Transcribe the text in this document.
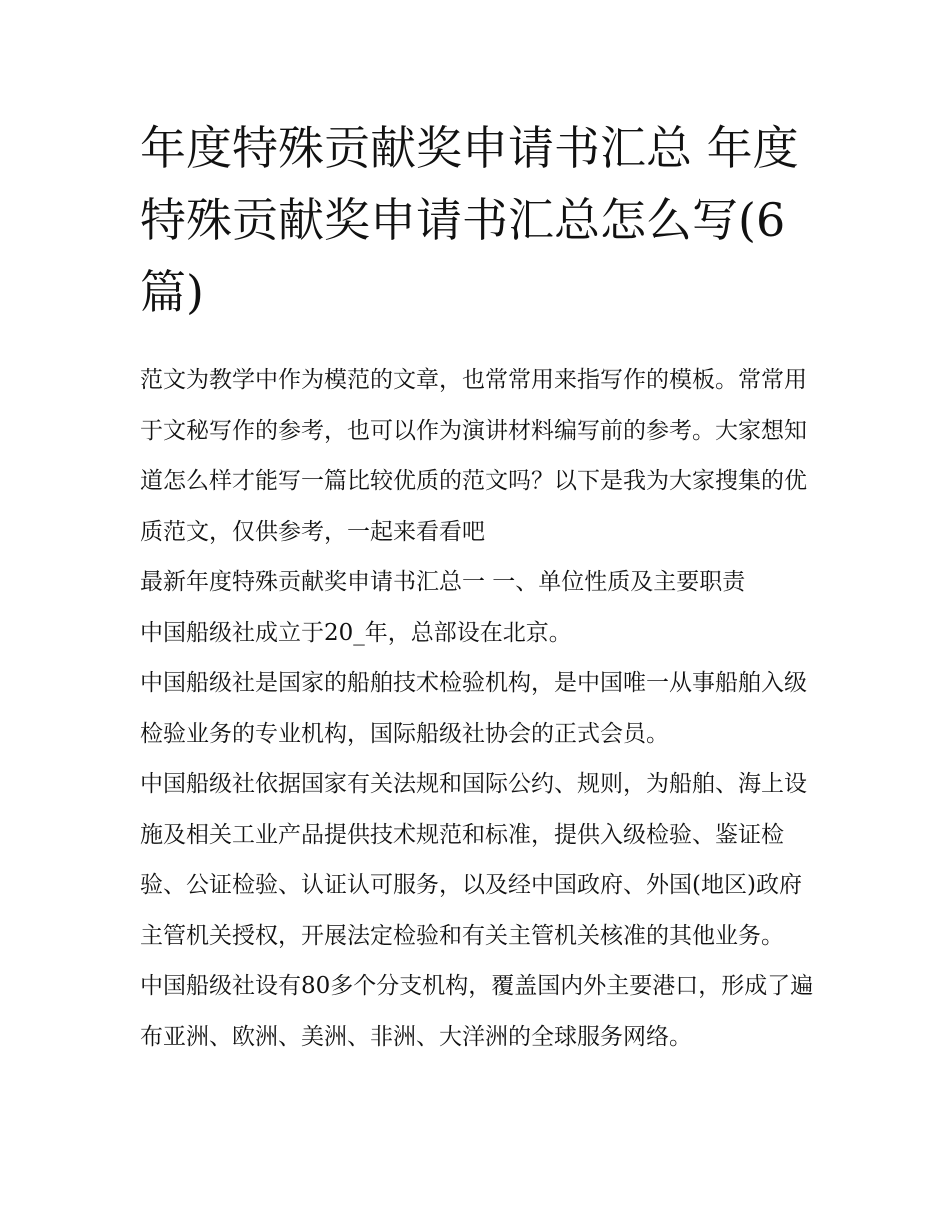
年度特殊贡献奖申请书汇总 年度特殊贡献奖申请书汇总怎么写(6篇)

范文为教学中作为模范的文章，也常常用来指写作的模板。常常用于文秘写作的参考，也可以作为演讲材料编写前的参考。大家想知道怎么样才能写一篇比较优质的范文吗？以下是我为大家搜集的优质范文，仅供参考，一起来看看吧

最新年度特殊贡献奖申请书汇总一 一、单位性质及主要职责

中国船级社成立于20_年，总部设在北京。

中国船级社是国家的船舶技术检验机构，是中国唯一从事船舶入级检验业务的专业机构，国际船级社协会的正式会员。

中国船级社依据国家有关法规和国际公约、规则，为船舶、海上设施及相关工业产品提供技术规范和标准，提供入级检验、鉴证检验、公证检验、认证认可服务，以及经中国政府、外国(地区)政府主管机关授权，开展法定检验和有关主管机关核准的其他业务。

中国船级社设有80多个分支机构，覆盖国内外主要港口，形成了遍布亚洲、欧洲、美洲、非洲、大洋洲的全球服务网络。
